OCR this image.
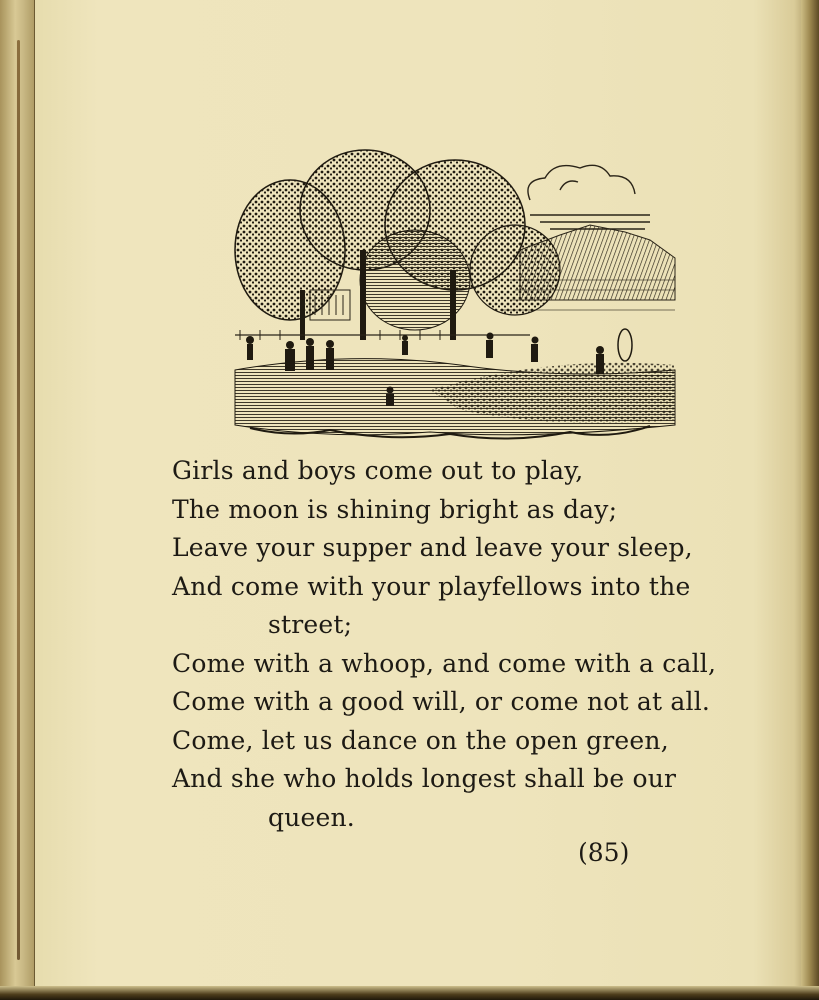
Girls and boys come out to play,
The moon is shining bright as day;
Leave your supper and leave your sleep,
And come with your playfellows into the
street;
Come with a whoop, and come with a call,
Come with a good will, or come not at all.
Come, let us dance on the open green,
And she who holds longest shall be our
queen.
(85)
